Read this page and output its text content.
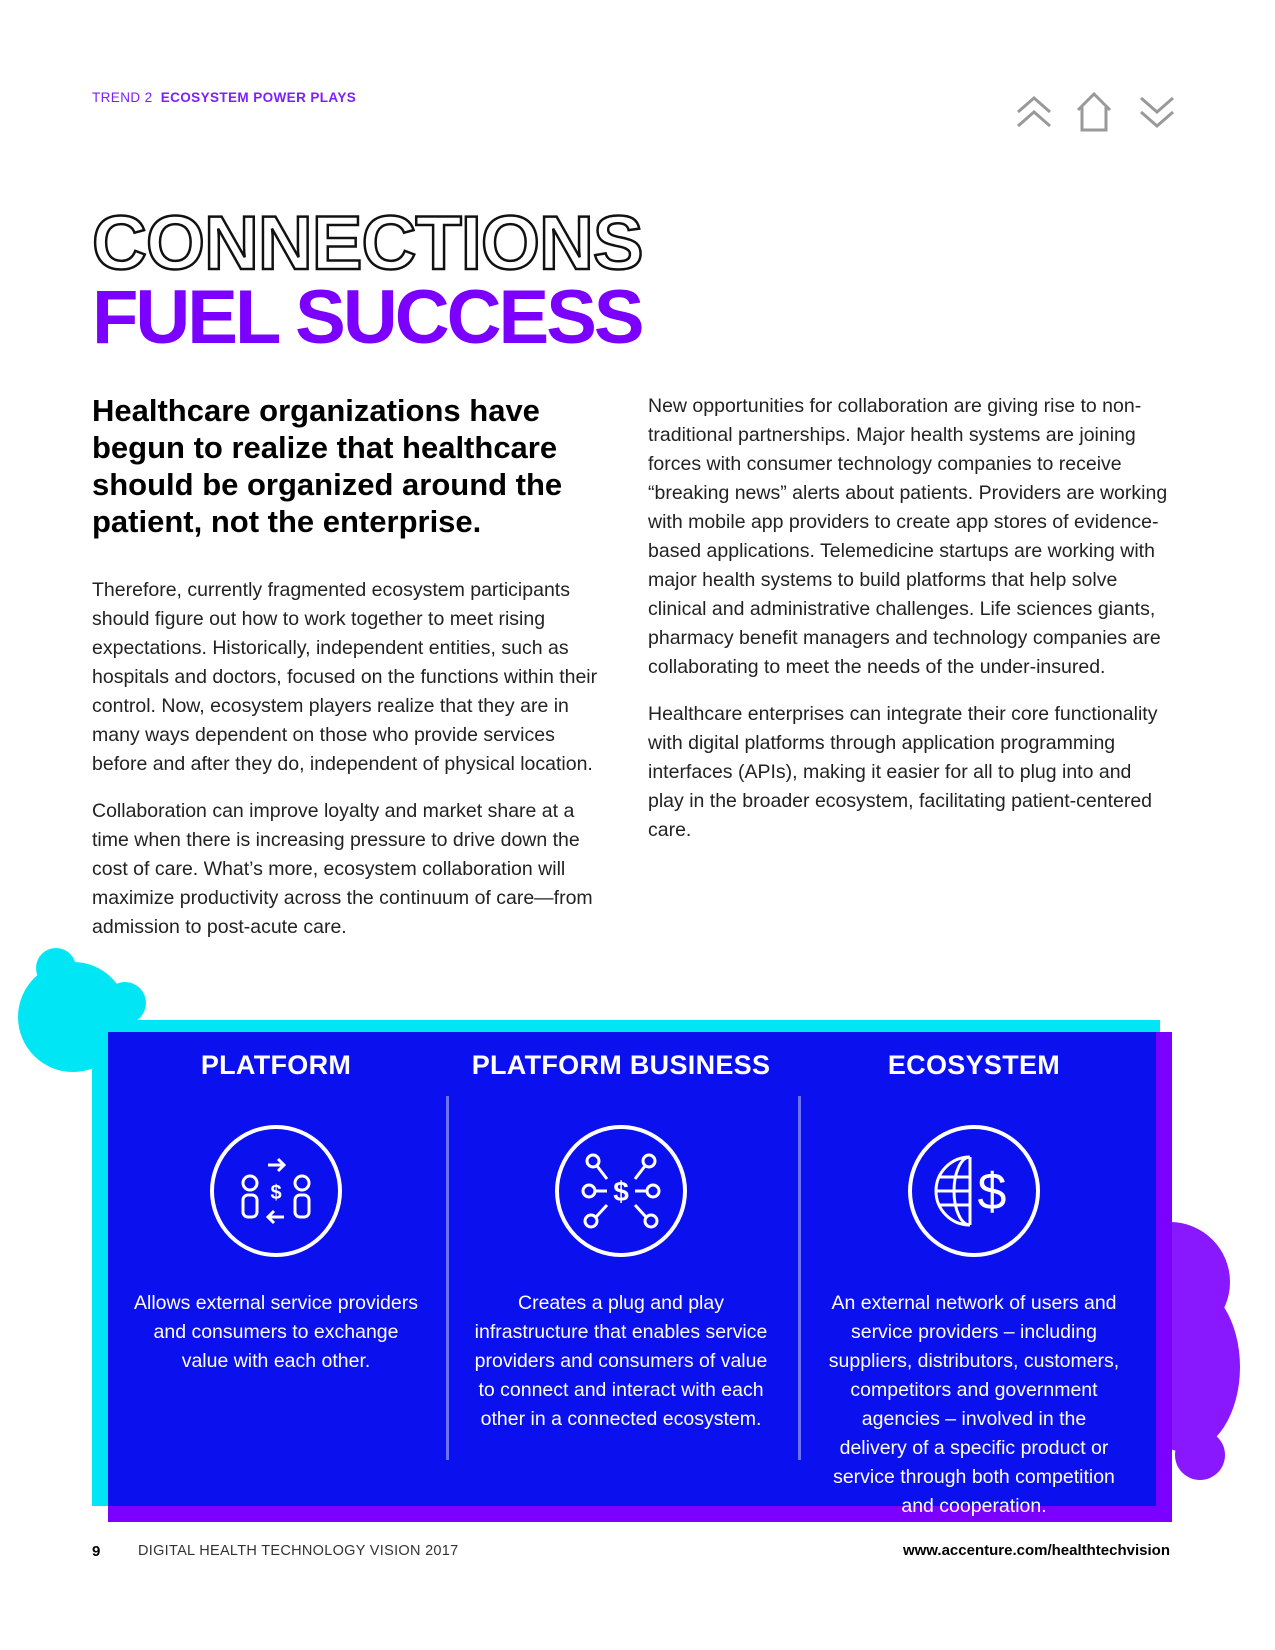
TREND 2 ECOSYSTEM POWER PLAYS
CONNECTIONS
FUEL SUCCESS
Healthcare organizations have begun to realize that healthcare should be organized around the patient, not the enterprise.

Therefore, currently fragmented ecosystem participants should figure out how to work together to meet rising expectations. Historically, independent entities, such as hospitals and doctors, focused on the functions within their control. Now, ecosystem players realize that they are in many ways dependent on those who provide services before and after they do, independent of physical location.

Collaboration can improve loyalty and market share at a time when there is increasing pressure to drive down the cost of care. What’s more, ecosystem collaboration will maximize productivity across the continuum of care—from admission to post-acute care.

New opportunities for collaboration are giving rise to non-traditional partnerships. Major health systems are joining forces with consumer technology companies to receive “breaking news” alerts about patients. Providers are working with mobile app providers to create app stores of evidence-based applications. Telemedicine startups are working with major health systems to build platforms that help solve clinical and administrative challenges. Life sciences giants, pharmacy benefit managers and technology companies are collaborating to meet the needs of the under-insured.

Healthcare enterprises can integrate their core functionality with digital platforms through application programming interfaces (APIs), making it easier for all to plug into and play in the broader ecosystem, facilitating patient-centered care.

PLATFORM
$
Allows external service providers and consumers to exchange value with each other.
PLATFORM BUSINESS
$
Creates a plug and play infrastructure that enables service providers and consumers of value to connect and interact with each other in a connected ecosystem.
ECOSYSTEM
$
An external network of users and service providers – including suppliers, distributors, customers, competitors and government agencies – involved in the delivery of a specific product or service through both competition and cooperation.
9	DIGITAL HEALTH TECHNOLOGY VISION 2017	www.accenture.com/healthtechvision
